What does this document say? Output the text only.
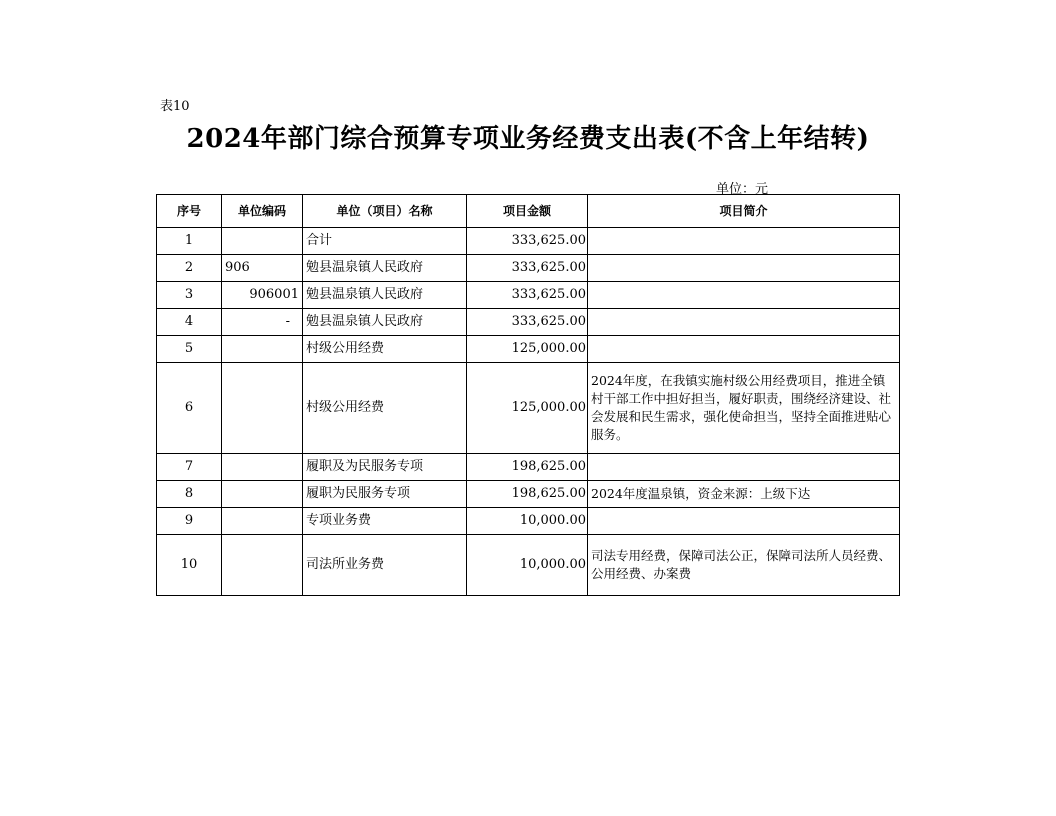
表10
2024年部门综合预算专项业务经费支出表(不含上年结转)
单位：元
序号	单位编码	单位（项目）名称	项目金额	项目简介
1		合计	333,625.00	
2	906	勉县温泉镇人民政府	333,625.00	
3	906001	勉县温泉镇人民政府	333,625.00	
4	-	勉县温泉镇人民政府	333,625.00	
5		村级公用经费	125,000.00	
6		村级公用经费	125,000.00	2024年度，在我镇实施村级公用经费项目，推进全镇村干部工作中担好担当，履好职责，围绕经济建设、社会发展和民生需求，强化使命担当，坚持全面推进贴心服务。
7		履职及为民服务专项	198,625.00	
8		履职为民服务专项	198,625.00	2024年度温泉镇，资金来源：上级下达
9		专项业务费	10,000.00	
10		司法所业务费	10,000.00	司法专用经费，保障司法公正，保障司法所人员经费、公用经费、办案费
